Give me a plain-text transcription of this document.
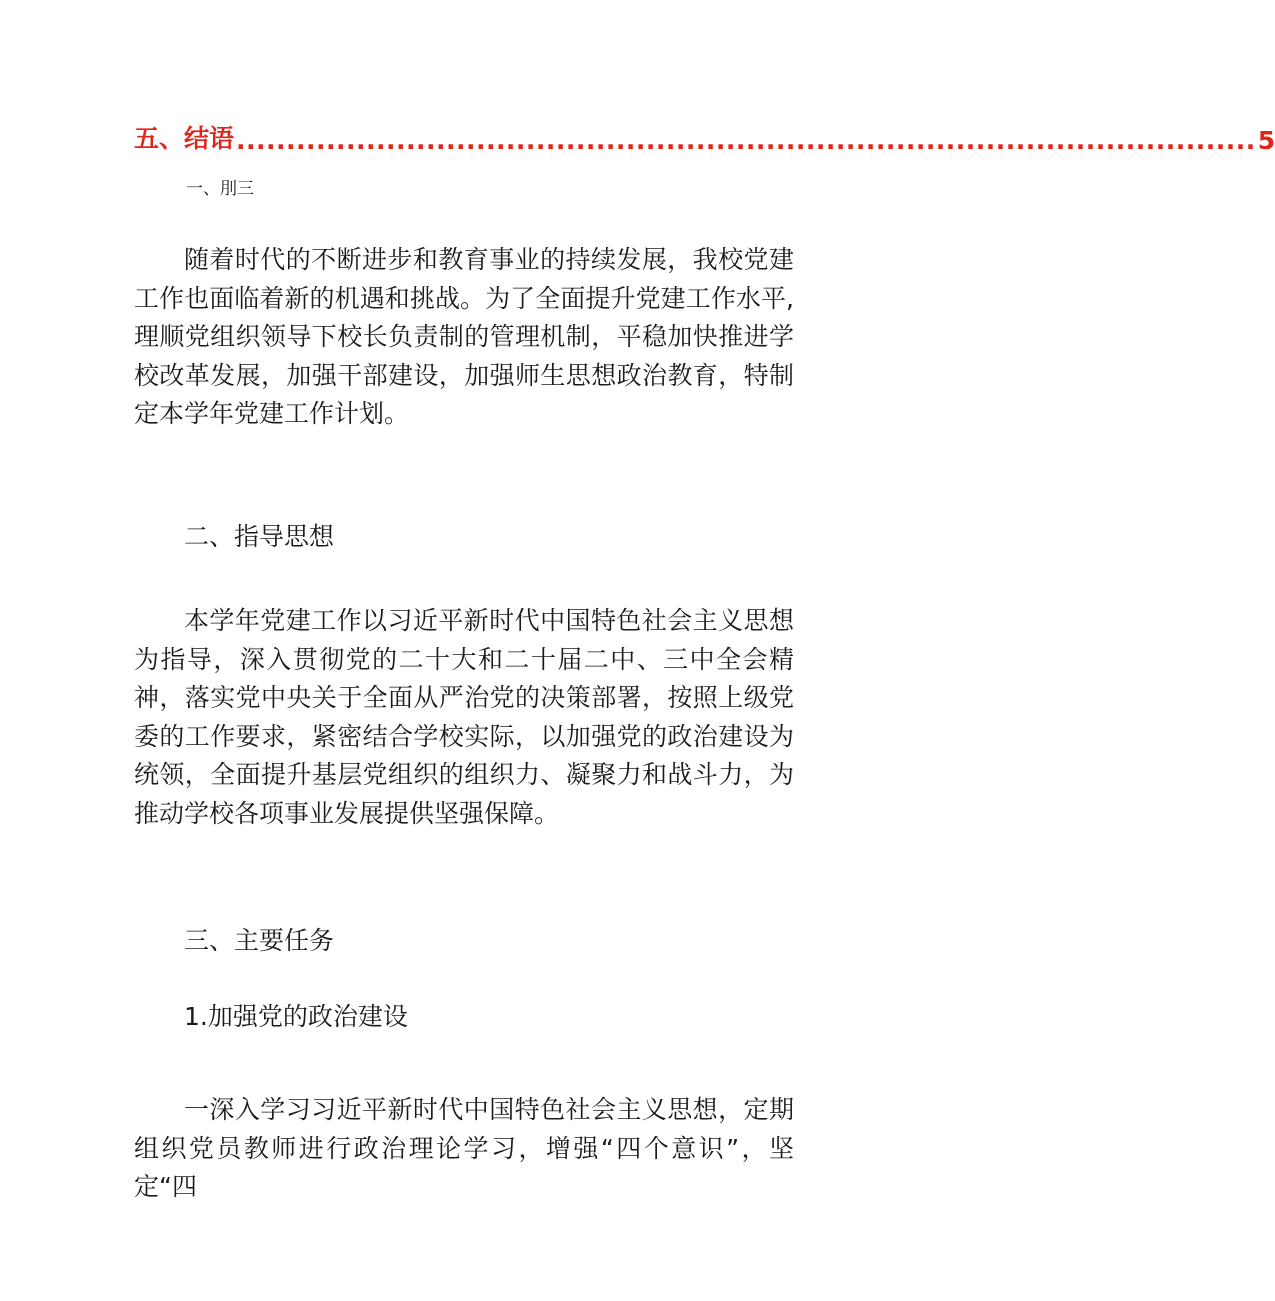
五、结语 ...................................................................................................... 5
一、刖三

随着时代的不断进步和教育事业的持续发展，我校党建工作也面临着新的机遇和挑战。为了全面提升党建工作水平,理顺党组织领导下校长负责制的管理机制，平稳加快推进学校改革发展，加强干部建设，加强师生思想政治教育，特制定本学年党建工作计划。

二、指导思想

本学年党建工作以习近平新时代中国特色社会主义思想为指导，深入贯彻党的二十大和二十届二中、三中全会精神，落实党中央关于全面从严治党的决策部署，按照上级党委的工作要求，紧密结合学校实际，以加强党的政治建设为统领，全面提升基层党组织的组织力、凝聚力和战斗力，为推动学校各项事业发展提供坚强保障。

三、主要任务
1.加强党的政治建设

一深入学习习近平新时代中国特色社会主义思想，定期组织党员教师进行政治理论学习，增强“四个意识”，坚定“四
